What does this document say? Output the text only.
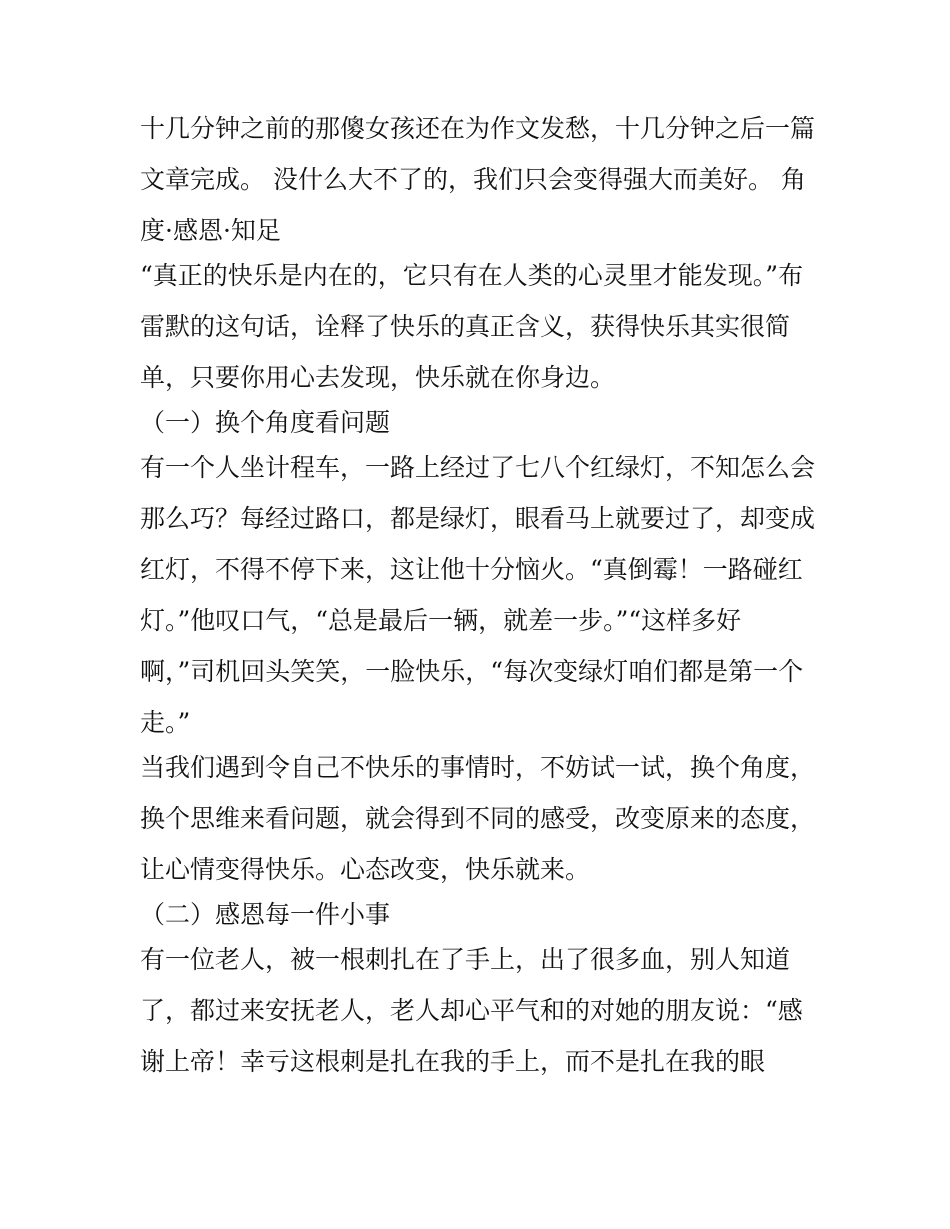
十几分钟之前的那傻女孩还在为作文发愁，十几分钟之后一篇
文章完成。 没什么大不了的，我们只会变得强大而美好。 角
度·感恩·知足
“真正的快乐是内在的，它只有在人类的心灵里才能发现。”布
雷默的这句话，诠释了快乐的真正含义，获得快乐其实很简
单，只要你用心去发现，快乐就在你身边。
（一）换个角度看问题
有一个人坐计程车，一路上经过了七八个红绿灯，不知怎么会
那么巧？每经过路口，都是绿灯，眼看马上就要过了，却变成
红灯，不得不停下来，这让他十分恼火。“真倒霉！一路碰红
灯。”他叹口气，“总是最后一辆，就差一步。”“这样多好
啊，”司机回头笑笑，一脸快乐，“每次变绿灯咱们都是第一个
走。”
当我们遇到令自己不快乐的事情时，不妨试一试，换个角度，
换个思维来看问题，就会得到不同的感受，改变原来的态度，
让心情变得快乐。心态改变，快乐就来。
（二）感恩每一件小事
有一位老人，被一根刺扎在了手上，出了很多血，别人知道
了，都过来安抚老人，老人却心平气和的对她的朋友说：“感
谢上帝！幸亏这根刺是扎在我的手上，而不是扎在我的眼
